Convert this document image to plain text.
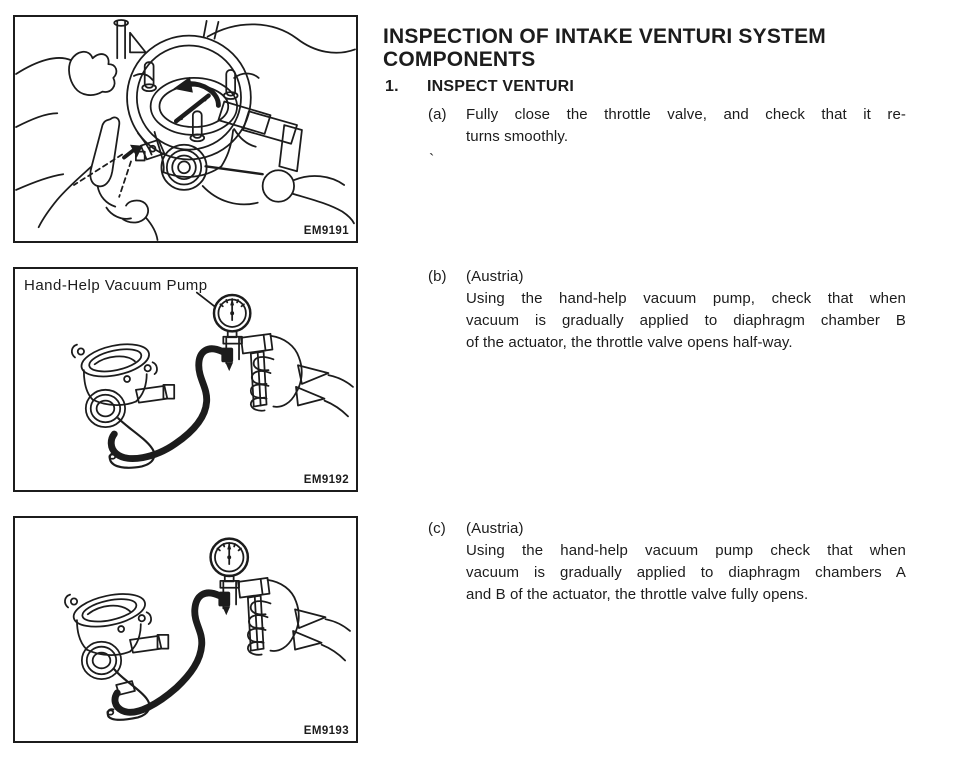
EM9191
Hand-Help Vacuum Pump
EM9192
EM9193
INSPECTION OF INTAKE VENTURI SYSTEM
COMPONENTS
1. INSPECT VENTURI
(a) Fully close the throttle valve, and check that it re-
turns smoothly.
`
(b) (Austria)
Using the hand-help vacuum pump, check that when
vacuum is gradually applied to diaphragm chamber B
of the actuator, the throttle valve opens half-way.
(c) (Austria)
Using the hand-help vacuum pump check that when
vacuum is gradually applied to diaphragm chambers A
and B of the actuator, the throttle valve fully opens.
